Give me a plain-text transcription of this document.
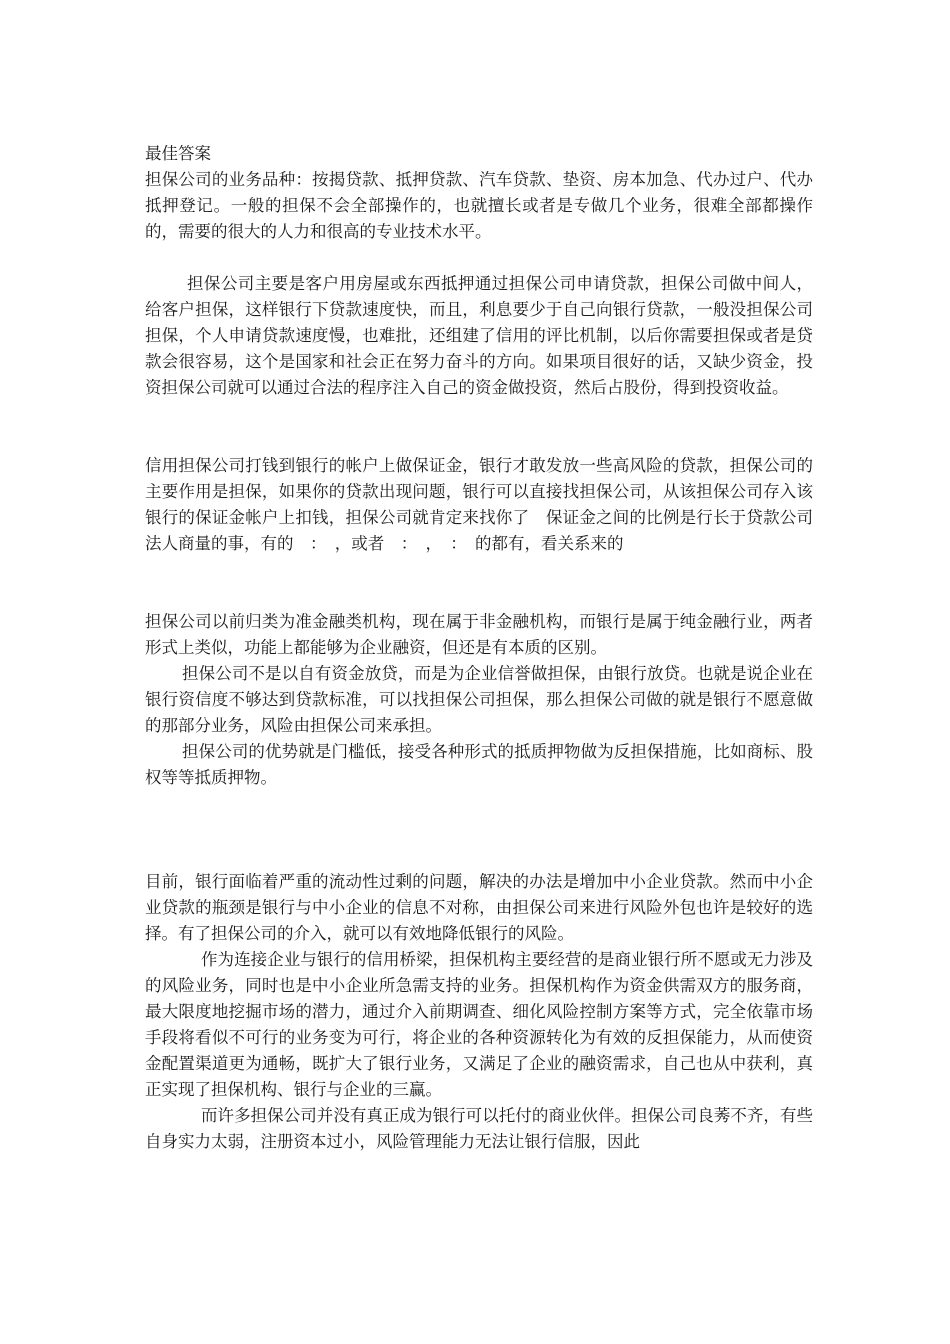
最佳答案

担保公司的业务品种：按揭贷款、抵押贷款、汽车贷款、垫资、房本加急、代办过户、代办抵押登记。一般的担保不会全部操作的，也就擅长或者是专做几个业务，很难全部都操作的，需要的很大的人力和很高的专业技术水平。

担保公司主要是客户用房屋或东西抵押通过担保公司申请贷款，担保公司做中间人，给客户担保，这样银行下贷款速度快，而且，利息要少于自己向银行贷款，一般没担保公司担保，个人申请贷款速度慢，也难批，还组建了信用的评比机制，以后你需要担保或者是贷款会很容易，这个是国家和社会正在努力奋斗的方向。如果项目很好的话，又缺少资金，投资担保公司就可以通过合法的程序注入自己的资金做投资，然后占股份，得到投资收益。

信用担保公司打钱到银行的帐户上做保证金，银行才敢发放一些高风险的贷款，担保公司的主要作用是担保，如果你的贷款出现问题，银行可以直接找担保公司，从该担保公司存入该银行的保证金帐户上扣钱，担保公司就肯定来找你了　保证金之间的比例是行长于贷款公司法人商量的事，有的　：　，或者　：　，　：　的都有，看关系来的

担保公司以前归类为准金融类机构，现在属于非金融机构，而银行是属于纯金融行业，两者形式上类似，功能上都能够为企业融资，但还是有本质的区别。

担保公司不是以自有资金放贷，而是为企业信誉做担保，由银行放贷。也就是说企业在银行资信度不够达到贷款标准，可以找担保公司担保，那么担保公司做的就是银行不愿意做的那部分业务，风险由担保公司来承担。

担保公司的优势就是门槛低，接受各种形式的抵质押物做为反担保措施，比如商标、股权等等抵质押物。

目前，银行面临着严重的流动性过剩的问题，解决的办法是增加中小企业贷款。然而中小企业贷款的瓶颈是银行与中小企业的信息不对称，由担保公司来进行风险外包也许是较好的选择。有了担保公司的介入，就可以有效地降低银行的风险。

作为连接企业与银行的信用桥梁，担保机构主要经营的是商业银行所不愿或无力涉及的风险业务，同时也是中小企业所急需支持的业务。担保机构作为资金供需双方的服务商，最大限度地挖掘市场的潜力，通过介入前期调查、细化风险控制方案等方式，完全依靠市场手段将看似不可行的业务变为可行，将企业的各种资源转化为有效的反担保能力，从而使资金配置渠道更为通畅，既扩大了银行业务，又满足了企业的融资需求，自己也从中获利，真正实现了担保机构、银行与企业的三赢。

而许多担保公司并没有真正成为银行可以托付的商业伙伴。担保公司良莠不齐，有些自身实力太弱，注册资本过小，风险管理能力无法让银行信服，因此
